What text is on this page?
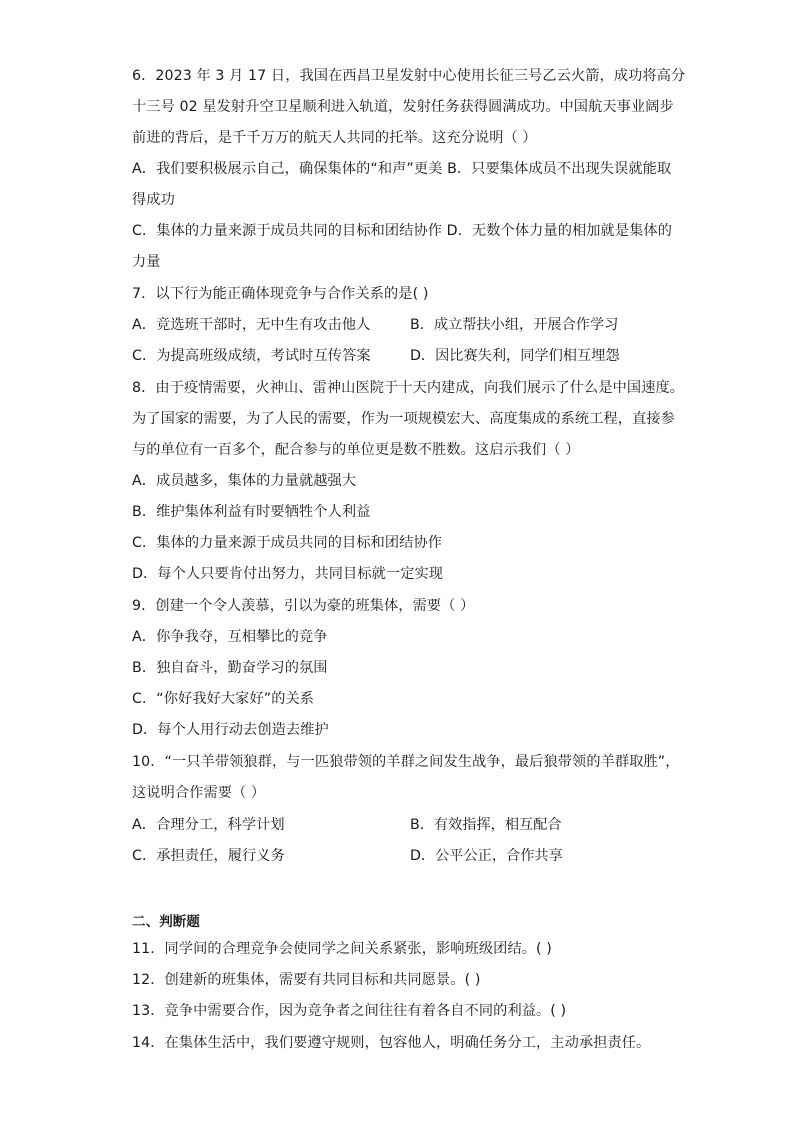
6．2023 年 3 月 17 日，我国在西昌卫星发射中心使用长征三号乙云火箭，成功将高分
十三号 02 星发射升空卫星顺利进入轨道，发射任务获得圆满成功。中国航天事业阔步
前进的背后，是千千万万的航天人共同的托举。这充分说明（ ）
A．我们要积极展示自己，确保集体的“和声”更美 B．只要集体成员不出现失误就能取
得成功
C．集体的力量来源于成员共同的目标和团结协作 D．无数个体力量的相加就是集体的
力量
7．以下行为能正确体现竞争与合作关系的是( )
A．竞选班干部时，无中生有攻击他人	B．成立帮扶小组，开展合作学习
C．为提高班级成绩，考试时互传答案	D．因比赛失利，同学们相互埋怨
8．由于疫情需要，火神山、雷神山医院于十天内建成，向我们展示了什么是中国速度。
为了国家的需要，为了人民的需要，作为一项规模宏大、高度集成的系统工程，直接参
与的单位有一百多个，配合参与的单位更是数不胜数。这启示我们（ ）
A．成员越多，集体的力量就越强大
B．维护集体利益有时要牺牲个人利益
C．集体的力量来源于成员共同的目标和团结协作
D．每个人只要肯付出努力，共同目标就一定实现
9．创建一个令人羡慕，引以为豪的班集体，需要（ ）
A．你争我夺，互相攀比的竞争
B．独自奋斗，勤奋学习的氛围
C．“你好我好大家好”的关系
D．每个人用行动去创造去维护
10．“一只羊带领狼群，与一匹狼带领的羊群之间发生战争，最后狼带领的羊群取胜”，
这说明合作需要（ ）
A．合理分工，科学计划	B．有效指挥，相互配合
C．承担责任，履行义务	D．公平公正，合作共享
二、判断题
11．同学间的合理竞争会使同学之间关系紧张，影响班级团结。( )
12．创建新的班集体，需要有共同目标和共同愿景。( )
13．竞争中需要合作，因为竞争者之间往往有着各自不同的利益。( )
14．在集体生活中，我们要遵守规则，包容他人，明确任务分工，主动承担责任。
